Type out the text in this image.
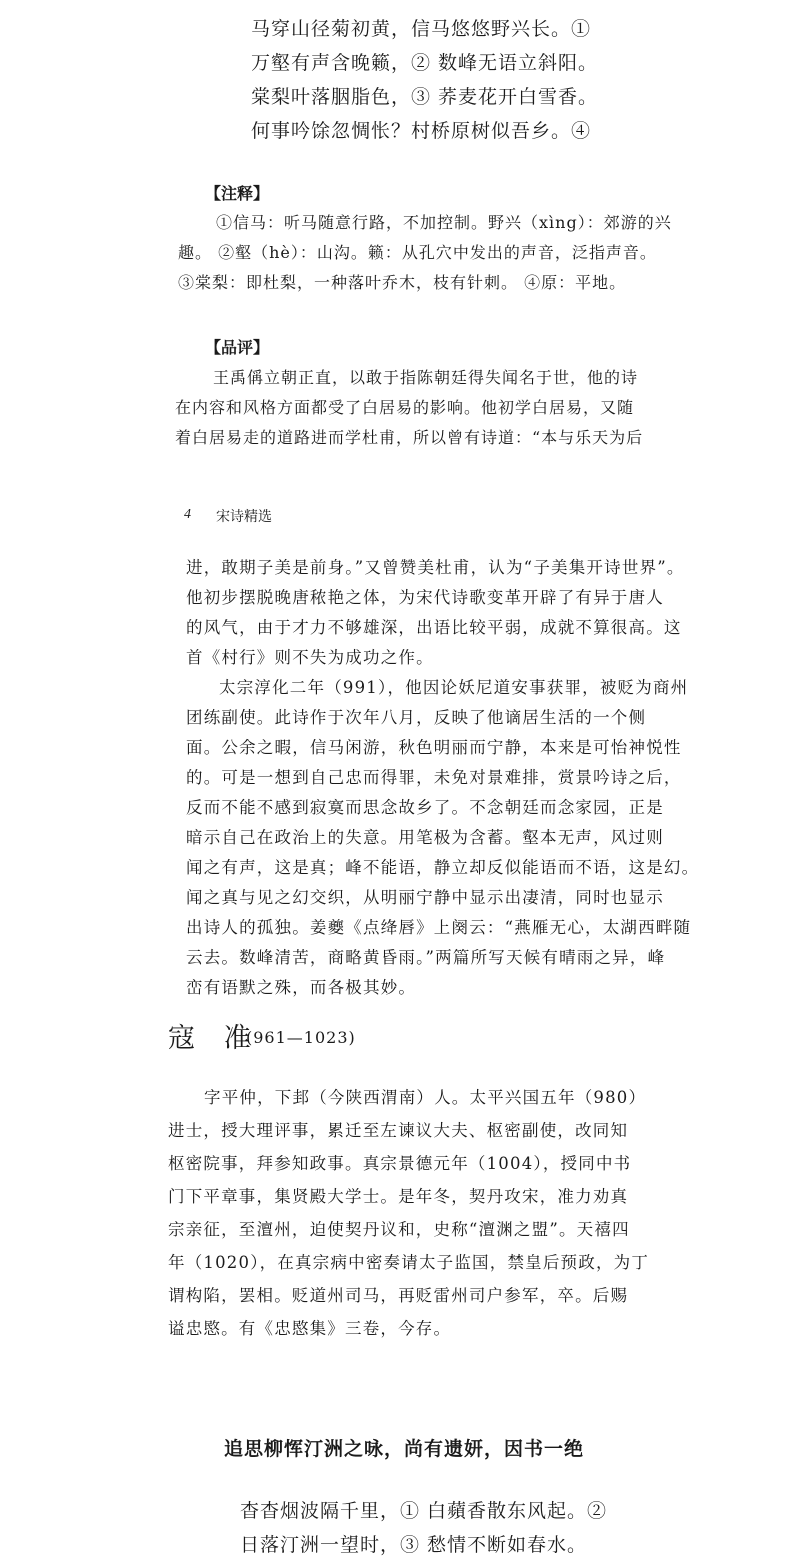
马穿山径菊初黄，信马悠悠野兴长。①
万壑有声含晚籁，② 数峰无语立斜阳。
棠梨叶落胭脂色，③ 荞麦花开白雪香。
何事吟馀忽惆怅？村桥原树似吾乡。④
【注释】
①信马：听马随意行路，不加控制。野兴（xìng）：郊游的兴
趣。 ②壑（hè）：山沟。籁：从孔穴中发出的声音，泛指声音。
③棠梨：即杜梨，一种落叶乔木，枝有针刺。 ④原：平地。
【品评】
王禹偁立朝正直，以敢于指陈朝廷得失闻名于世，他的诗
在内容和风格方面都受了白居易的影响。他初学白居易，又随
着白居易走的道路进而学杜甫，所以曾有诗道：“本与乐天为后
4 宋诗精选
进，敢期子美是前身。”又曾赞美杜甫，认为“子美集开诗世界”。
他初步摆脱晚唐秾艳之体，为宋代诗歌变革开辟了有异于唐人
的风气，由于才力不够雄深，出语比较平弱，成就不算很高。这
首《村行》则不失为成功之作。
太宗淳化二年（991），他因论妖尼道安事获罪，被贬为商州
团练副使。此诗作于次年八月，反映了他谪居生活的一个侧
面。公余之暇，信马闲游，秋色明丽而宁静，本来是可怡神悦性
的。可是一想到自己忠而得罪，未免对景难排，赏景吟诗之后，
反而不能不感到寂寞而思念故乡了。不念朝廷而念家园，正是
暗示自己在政治上的失意。用笔极为含蓄。壑本无声，风过则
闻之有声，这是真；峰不能语，静立却反似能语而不语，这是幻。
闻之真与见之幻交织，从明丽宁静中显示出凄清，同时也显示
出诗人的孤独。姜夔《点绛唇》上阕云：“燕雁无心，太湖西畔随
云去。数峰清苦，商略黄昏雨。”两篇所写天候有晴雨之异，峰
峦有语默之殊，而各极其妙。
寇 准
(961—1023)
字平仲，下邽（今陕西渭南）人。太平兴国五年（980）
进士，授大理评事，累迁至左谏议大夫、枢密副使，改同知
枢密院事，拜参知政事。真宗景德元年（1004），授同中书
门下平章事，集贤殿大学士。是年冬，契丹攻宋，准力劝真
宗亲征，至澶州，迫使契丹议和，史称“澶渊之盟”。天禧四
年（1020），在真宗病中密奏请太子监国，禁皇后预政，为丁
谓构陷，罢相。贬道州司马，再贬雷州司户参军，卒。后赐
谥忠愍。有《忠愍集》三卷，今存。
追思柳恽汀洲之咏，尚有遗妍，因书一绝
杳杳烟波隔千里，① 白蘋香散东风起。②
日落汀洲一望时，③ 愁情不断如春水。
